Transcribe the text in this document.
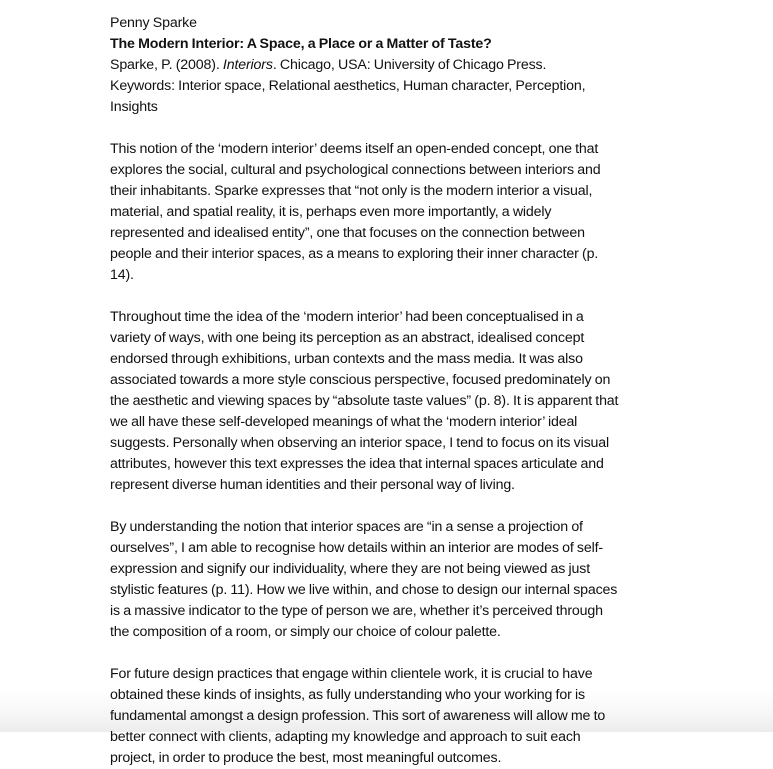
Penny Sparke
The Modern Interior: A Space, a Place or a Matter of Taste?
Sparke, P. (2008). Interiors. Chicago, USA: University of Chicago Press.
Keywords: Interior space, Relational aesthetics, Human character, Perception,
Insights
This notion of the ‘modern interior’ deems itself an open-ended concept, one that
explores the social, cultural and psychological connections between interiors and
their inhabitants. Sparke expresses that “not only is the modern interior a visual,
material, and spatial reality, it is, perhaps even more importantly, a widely
represented and idealised entity”, one that focuses on the connection between
people and their interior spaces, as a means to exploring their inner character (p.
14).
Throughout time the idea of the ‘modern interior’ had been conceptualised in a
variety of ways, with one being its perception as an abstract, idealised concept
endorsed through exhibitions, urban contexts and the mass media. It was also
associated towards a more style conscious perspective, focused predominately on
the aesthetic and viewing spaces by “absolute taste values” (p. 8). It is apparent that
we all have these self-developed meanings of what the ‘modern interior’ ideal
suggests. Personally when observing an interior space, I tend to focus on its visual
attributes, however this text expresses the idea that internal spaces articulate and
represent diverse human identities and their personal way of living.
By understanding the notion that interior spaces are “in a sense a projection of
ourselves”, I am able to recognise how details within an interior are modes of self-
expression and signify our individuality, where they are not being viewed as just
stylistic features (p. 11). How we live within, and chose to design our internal spaces
is a massive indicator to the type of person we are, whether it’s perceived through
the composition of a room, or simply our choice of colour palette.
For future design practices that engage within clientele work, it is crucial to have
obtained these kinds of insights, as fully understanding who your working for is
fundamental amongst a design profession. This sort of awareness will allow me to
better connect with clients, adapting my knowledge and approach to suit each
project, in order to produce the best, most meaningful outcomes.
